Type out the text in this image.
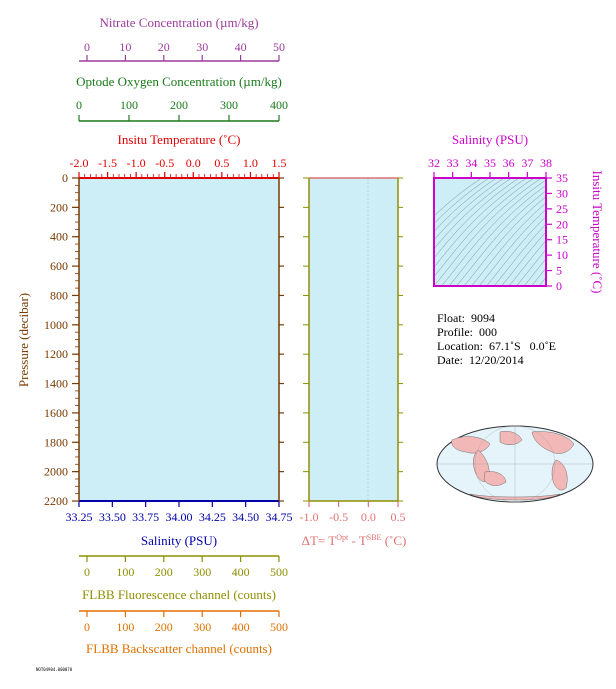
Nitrate Concentration (µm/kg)
0 10 20 30 40 50
Optode Oxygen Concentration (µm/kg)
0	100	200	300	400
Insitu Temperature (˚C)
-2.0 -1.5 -1.0 -0.5 0.0 0.5 1.0 1.5
33.25 33.50 33.75 34.00 34.25 34.50 34.75
0
200
400
600
800
1000
1200
1400
1600
1800
2000
2200
Pressure (decibar)
Salinity (PSU)
-1.0 -0.5 0.0 0.5
$\Delta T= T^{Opt} - T^{SBE}$ (˚C)
FLBB Fluorescence channel (counts)
FLBB Backscatter channel (counts)
0 100 200 300 400 500
0 100 200 300 400 500
Salinity (PSU)
32 33 34 35 36 37 38
35
30
25
20
15
10
5
0 Insitu Temperature (˚C)
Float:  9094
Profile:  000
Location:  67.1˚S   0.0˚E
Date:  12/20/2014
NOT04904.000070
